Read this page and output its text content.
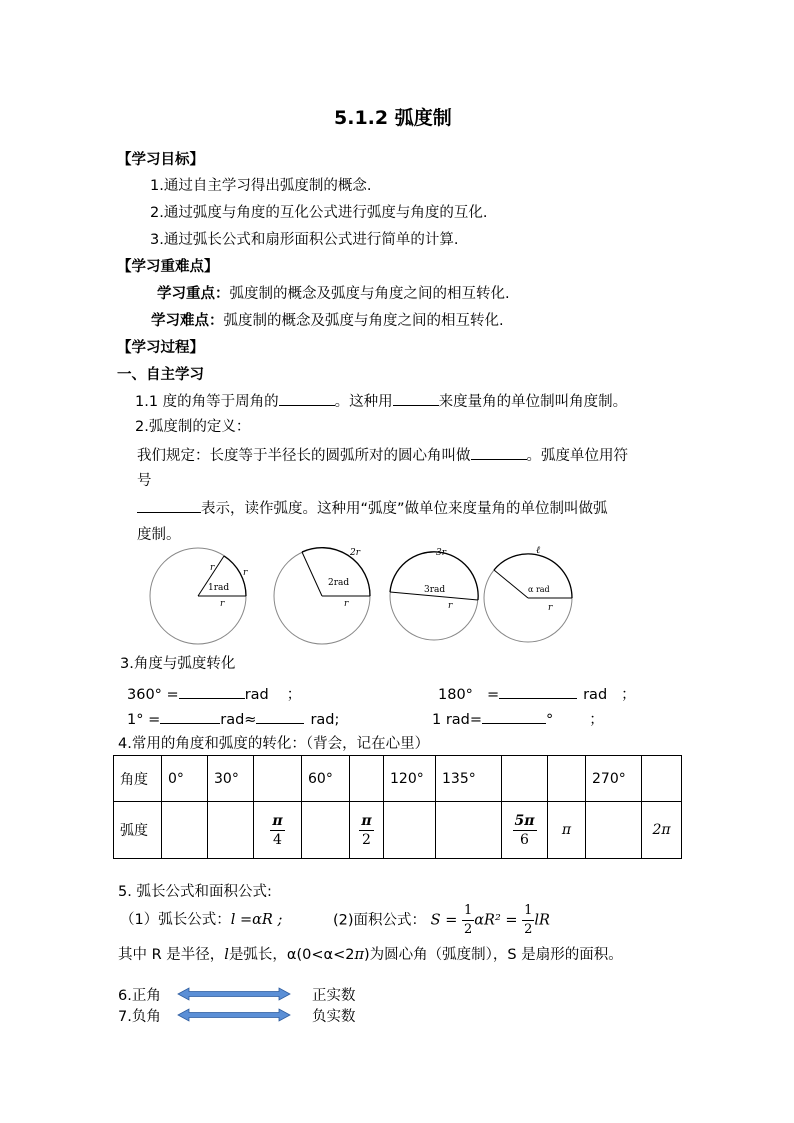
5.1.2 弧度制
【学习目标】
1.通过自主学习得出弧度制的概念.
2.通过弧度与角度的互化公式进行弧度与角度的互化.
3.通过弧长公式和扇形面积公式进行简单的计算.
【学习重难点】
学习重点：弧度制的概念及弧度与角度之间的相互转化.
学习难点：弧度制的概念及弧度与角度之间的相互转化.
【学习过程】
一、自主学习
1.1 度的角等于周角的	。这种用	来度量角的单位制叫角度制。
2.弧度制的定义：
我们规定：长度等于半径长的圆弧所对的圆心角叫做	。弧度单位用符
号
表示，读作弧度。这种用“弧度”做单位来度量角的单位制叫做弧
度制。
1rad
r	r
r
2rad
2r
r
3rad
3r
r
α rad
ℓ
r
3.角度与弧度转化
360° =	rad ；	180° =	rad ；
1° =	rad≈	rad;	1 rad=	° ；
4.常用的角度和弧度的转化：（背会，记在心里）
角度	0°	30°		60°		120°	135°			270°	
弧度			$\frac{\pi}{4}$		$\frac{\pi}{2}$			$\frac{5\pi}{6}$	π		2π
5. 弧长公式和面积公式:
（1）弧长公式：l =αR ;	(2)面积公式： $S = \frac{1}{2} \alpha R^2 = \frac{1}{2}$ lR
其中 R 是半径，l是弧长，α(0<α<2π)为圆心角（弧度制），S 是扇形的面积。
6.正角	正实数
7.负角	负实数
